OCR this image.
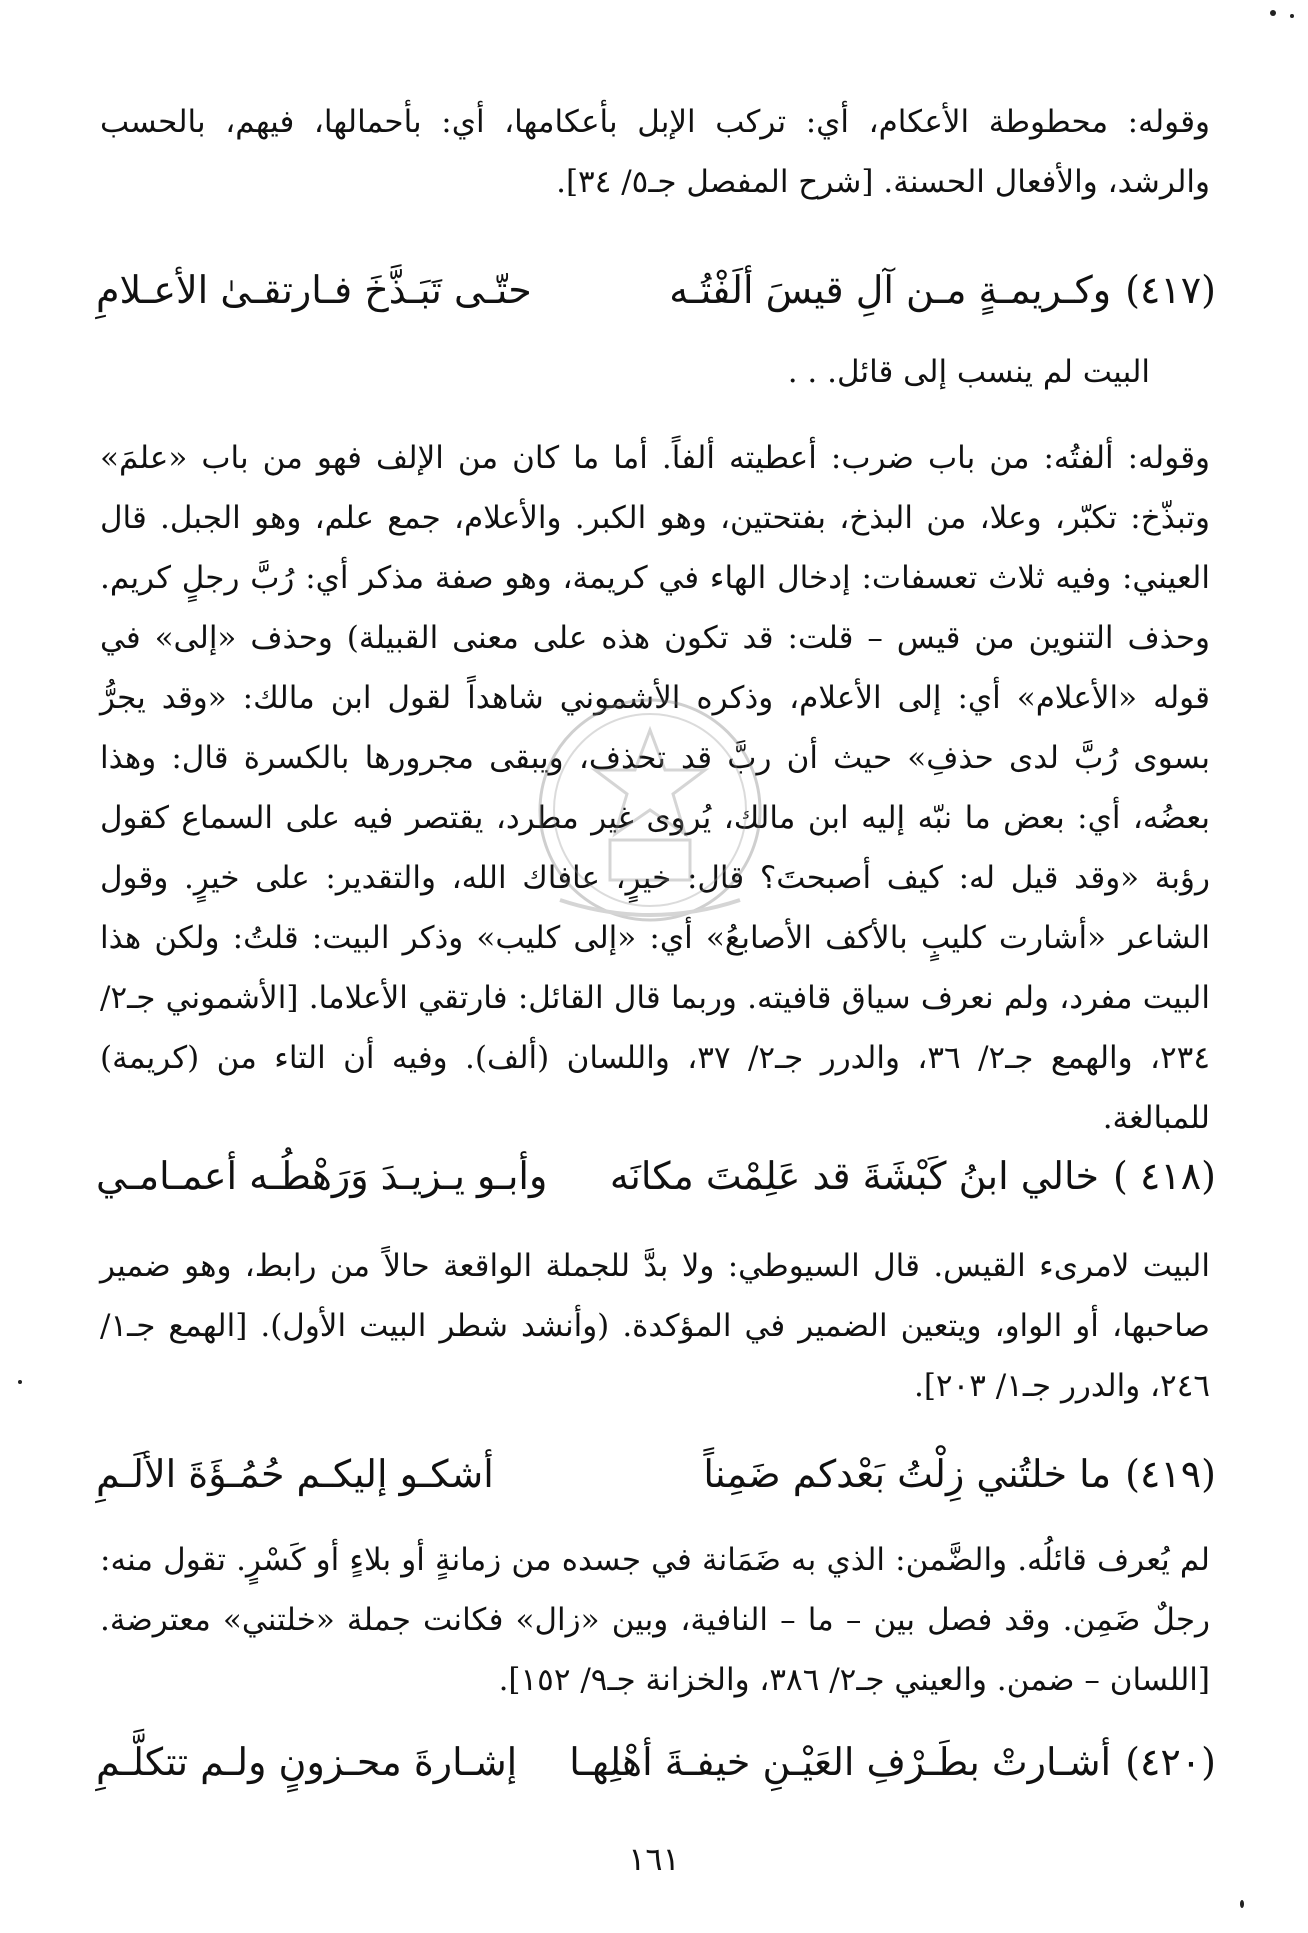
وقوله: محطوطة الأعكام، أي: تركب الإبل بأعكامها، أي: بأحمالها، فيهم، بالحسب والرشد، والأفعال الحسنة. [شرح المفصل جـ٥/ ٣٤].

(٤١٧)
وكـريمـةٍ مـن آلِ قيسَ ألَفْتُـه
حتّـى تَبَـذَّخَ فـارتقـىٰ الأعـلامِ

البيت لم ينسب إلى قائل. . .

وقوله: ألفتُه: من باب ضرب: أعطيته ألفاً. أما ما كان من الإلف فهو من باب «علمَ» وتبذّخ: تكبّر، وعلا، من البذخ، بفتحتين، وهو الكبر. والأعلام، جمع علم، وهو الجبل. قال العيني: وفيه ثلاث تعسفات: إدخال الهاء في كريمة، وهو صفة مذكر أي: رُبَّ رجلٍ كريم. وحذف التنوين من قيس – قلت: قد تكون هذه على معنى القبيلة) وحذف «إلى» في قوله «الأعلام» أي: إلى الأعلام، وذكره الأشموني شاهداً لقول ابن مالك: «وقد يجرُّ بسوى رُبَّ لدى حذفِ» حيث أن ربَّ قد تحذف، ويبقى مجرورها بالكسرة قال: وهذا بعضُه، أي: بعض ما نبّه إليه ابن مالك، يُروى غير مطرد، يقتصر فيه على السماع كقول رؤبة «وقد قيل له: كيف أصبحتَ؟ قال: خيرٍ، عافاك الله، والتقدير: على خيرٍ. وقول الشاعر «أشارت كليبٍ بالأكف الأصابعُ» أي: «إلى كليب» وذكر البيت: قلتُ: ولكن هذا البيت مفرد، ولم نعرف سياق قافيته. وربما قال القائل: فارتقي الأعلاما. [الأشموني جـ٢/ ٢٣٤، والهمع جـ٢/ ٣٦، والدرر جـ٢/ ٣٧، واللسان (ألف). وفيه أن التاء من (كريمة) للمبالغة.

(٤١٨ )
خالي ابنُ كَبْشَةَ قد عَلِمْتَ مكانَه
وأبـو يـزيـدَ وَرَهْطُـه أعمـامـي

البيت لامرىء القيس. قال السيوطي: ولا بدَّ للجملة الواقعة حالاً من رابط، وهو ضمير صاحبها، أو الواو، ويتعين الضمير في المؤكدة. (وأنشد شطر البيت الأول). [الهمع جـ١/ ٢٤٦، والدرر جـ١/ ٢٠٣].

(٤١٩)
ما خلتُني زِلْتُ بَعْدكم ضَمِناً
أشكـو إليكـم حُمُـؤَةَ الألَـمِ

لم يُعرف قائلُه. والضَّمن: الذي به ضَمَانة في جسده من زمانةٍ أو بلاءٍ أو كَسْرٍ. تقول منه: رجلٌ ضَمِن. وقد فصل بين – ما – النافية، وبين «زال» فكانت جملة «خلتني» معترضة. [اللسان – ضمن. والعيني جـ٢/ ٣٨٦، والخزانة جـ٩/ ١٥٢].

(٤٢٠)
أشـارتْ بطَـرْفِ العَيْـنِ خيفـةَ أهْلِهـا
إشـارةَ محـزونٍ ولـم تتكلَّـمِ
١٦١
